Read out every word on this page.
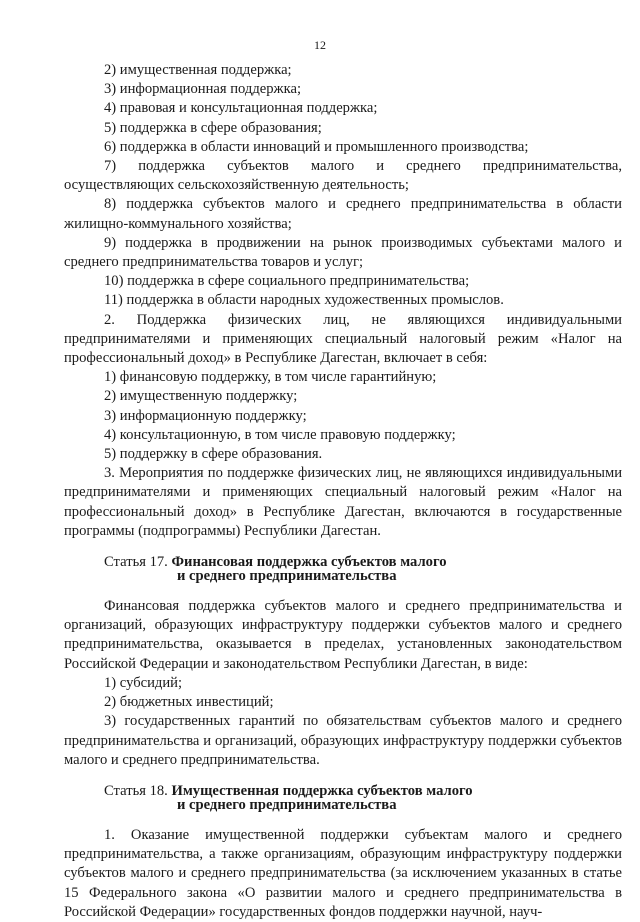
12

2) имущественная поддержка;

3) информационная поддержка;

4) правовая и консультационная поддержка;

5) поддержка в сфере образования;

6) поддержка в области инноваций и промышленного производства;

7) поддержка субъектов малого и среднего предпринимательства, осуществляющих сельскохозяйственную деятельность;

8) поддержка субъектов малого и среднего предпринимательства в области жилищно-коммунального хозяйства;

9) поддержка в продвижении на рынок производимых субъектами малого и среднего предпринимательства товаров и услуг;

10) поддержка в сфере социального предпринимательства;

11) поддержка в области народных художественных промыслов.

2. Поддержка физических лиц, не являющихся индивидуальными предпринимателями и применяющих специальный налоговый режим «Налог на профессиональный доход» в Республике Дагестан, включает в себя:

1) финансовую поддержку, в том числе гарантийную;

2) имущественную поддержку;

3) информационную поддержку;

4) консультационную, в том числе правовую поддержку;

5) поддержку в сфере образования.

3. Мероприятия по поддержке физических лиц, не являющихся индивидуальными предпринимателями и применяющих специальный налоговый режим «Налог на профессиональный доход» в Республике Дагестан, включаются в государственные программы (подпрограммы) Республики Дагестан.

Статья 17. Финансовая поддержка субъектов малого
и среднего предпринимательства

Финансовая поддержка субъектов малого и среднего предпринимательства и организаций, образующих инфраструктуру поддержки субъектов малого и среднего предпринимательства, оказывается в пределах, установленных законодательством Российской Федерации и законодательством Республики Дагестан, в виде:

1) субсидий;

2) бюджетных инвестиций;

3) государственных гарантий по обязательствам субъектов малого и среднего предпринимательства и организаций, образующих инфраструктуру поддержки субъектов малого и среднего предпринимательства.

Статья 18. Имущественная поддержка субъектов малого
и среднего предпринимательства

1. Оказание имущественной поддержки субъектам малого и среднего предпринимательства, а также организациям, образующим инфраструктуру поддержки субъектов малого и среднего предпринимательства (за исключением указанных в статье 15 Федерального закона «О развитии малого и среднего предпринимательства в Российской Федерации» государственных фондов поддержки научной, науч-
